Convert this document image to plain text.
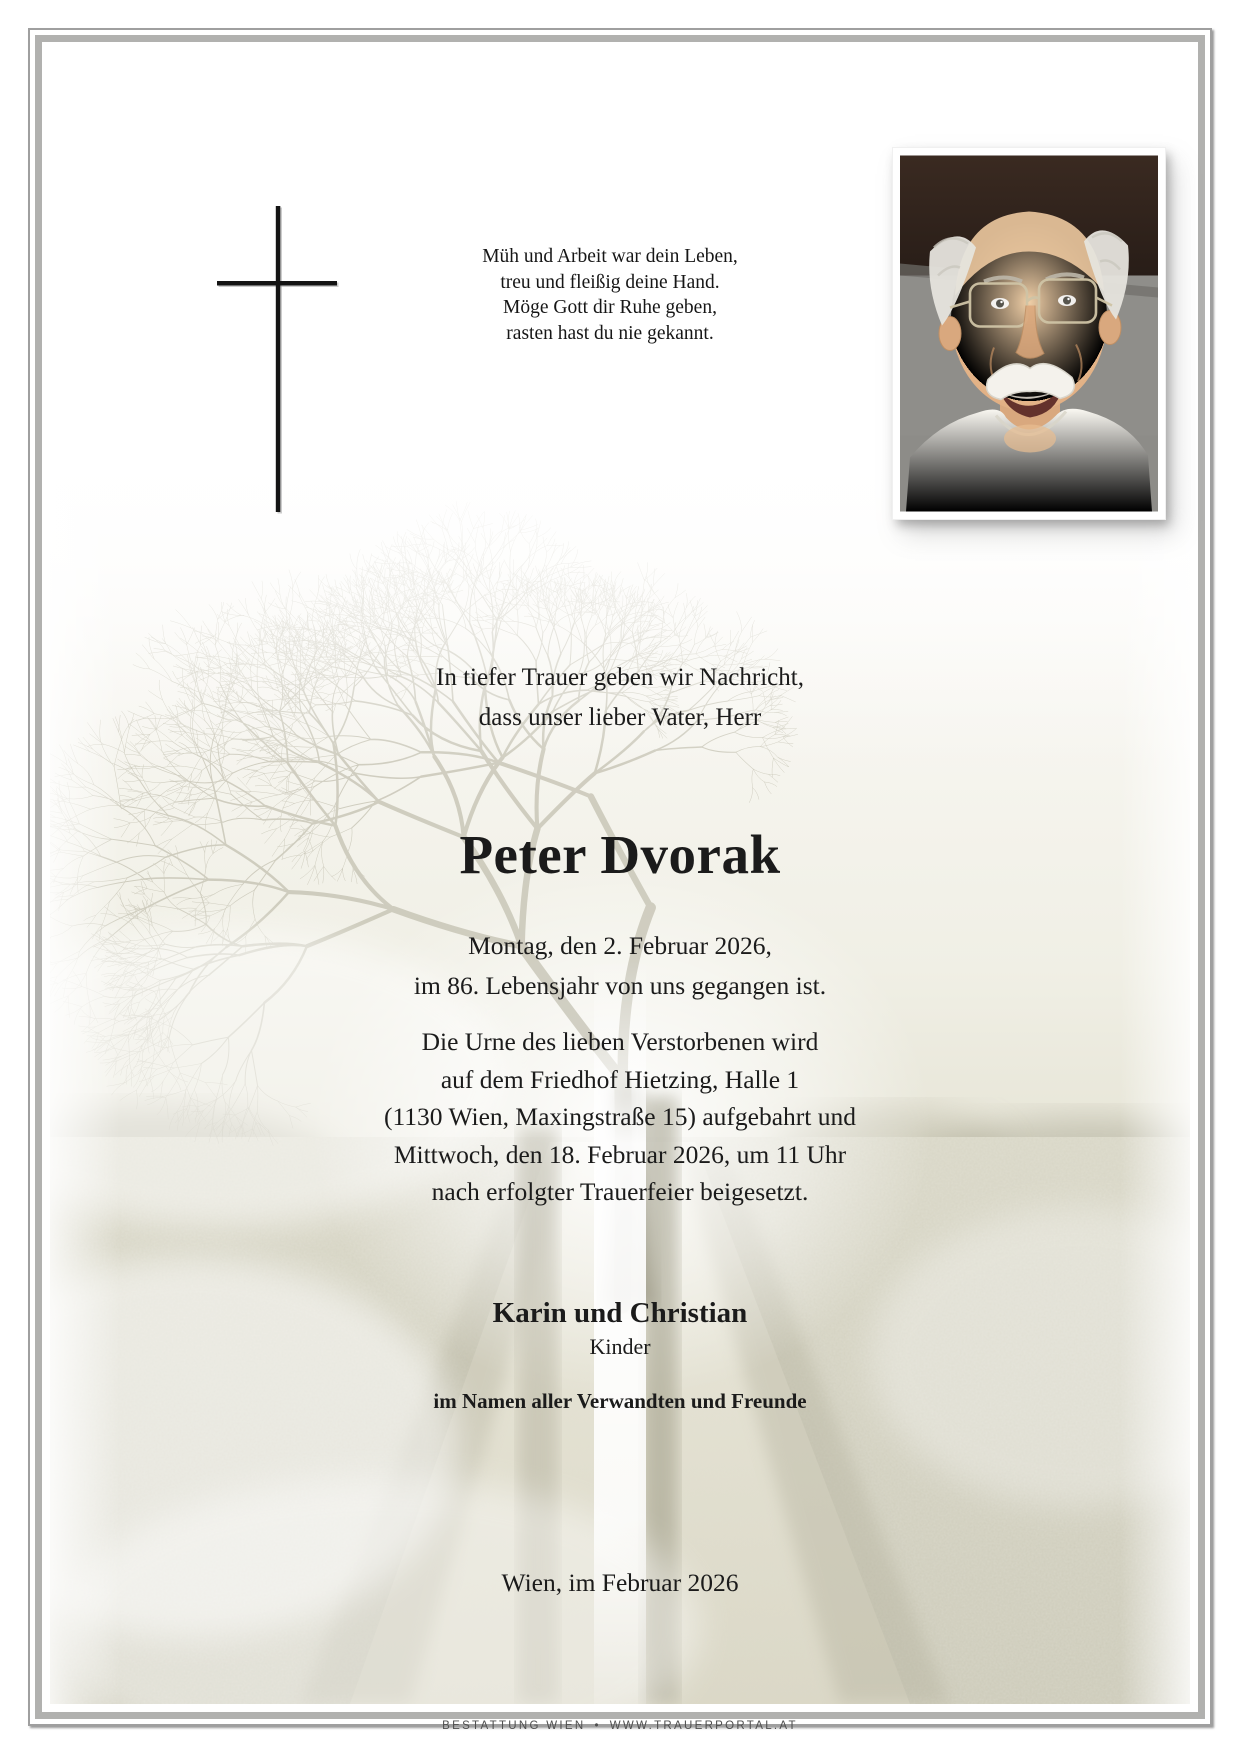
Müh und Arbeit war dein Leben,
treu und fleißig deine Hand.
Möge Gott dir Ruhe geben,
rasten hast du nie gekannt.
In tiefer Trauer geben wir Nachricht,
dass unser lieber Vater, Herr
Peter Dvorak
Montag, den 2. Februar 2026,
im 86. Lebensjahr von uns gegangen ist.
Die Urne des lieben Verstorbenen wird
auf dem Friedhof Hietzing, Halle 1
(1130 Wien, Maxingstraße 15) aufgebahrt und
Mittwoch, den 18. Februar 2026, um 11 Uhr
nach erfolgter Trauerfeier beigesetzt.
Karin und Christian
Kinder
im Namen aller Verwandten und Freunde
Wien, im Februar 2026
BESTATTUNG WIEN • WWW.TRAUERPORTAL.AT
